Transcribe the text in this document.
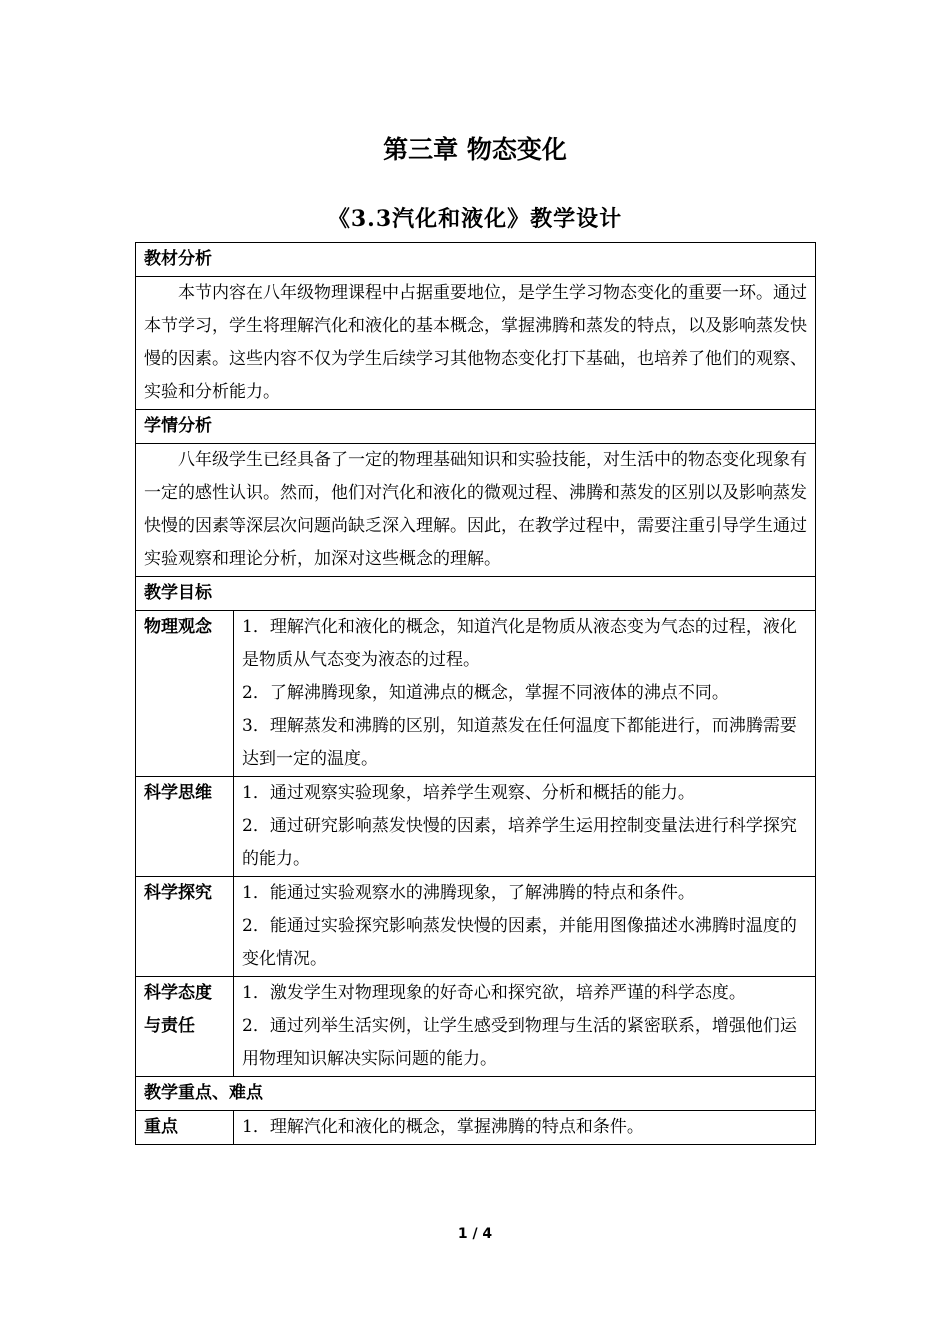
第三章 物态变化
《3.3汽化和液化》教学设计
教材分析	
本节内容在八年级物理课程中占据重要地位，是学生学习物态变化的重要一环。通过本节学习，学生将理解汽化和液化的基本概念，掌握沸腾和蒸发的特点，以及影响蒸发快慢的因素。这些内容不仅为学生后续学习其他物态变化打下基础，也培养了他们的观察、实验和分析能力。	
学情分析	
八年级学生已经具备了一定的物理基础知识和实验技能，对生活中的物态变化现象有一定的感性认识。然而，他们对汽化和液化的微观过程、沸腾和蒸发的区别以及影响蒸发快慢的因素等深层次问题尚缺乏深入理解。因此，在教学过程中，需要注重引导学生通过实验观察和理论分析，加深对这些概念的理解。	
教学目标	
物理观念	1．理解汽化和液化的概念，知道汽化是物质从液态变为气态的过程，液化是物质从气态变为液态的过程。

2．了解沸腾现象，知道沸点的概念，掌握不同液体的沸点不同。

3．理解蒸发和沸腾的区别，知道蒸发在任何温度下都能进行，而沸腾需要达到一定的温度。

科学思维	1．通过观察实验现象，培养学生观察、分析和概括的能力。

2．通过研究影响蒸发快慢的因素，培养学生运用控制变量法进行科学探究的能力。

科学探究	1．能通过实验观察水的沸腾现象，了解沸腾的特点和条件。

2．能通过实验探究影响蒸发快慢的因素，并能用图像描述水沸腾时温度的变化情况。

科学态度与责任	1．激发学生对物理现象的好奇心和探究欲，培养严谨的科学态度。

2．通过列举生活实例，让学生感受到物理与生活的紧密联系，增强他们运用物理知识解决实际问题的能力。

教学重点、难点	
重点	1．理解汽化和液化的概念，掌握沸腾的特点和条件。

1 / 4
